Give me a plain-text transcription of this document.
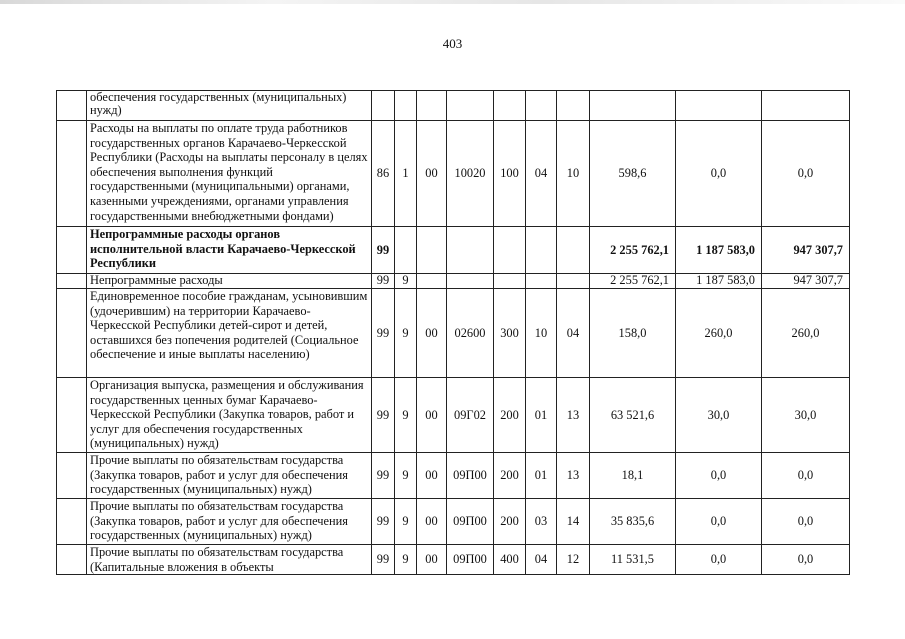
403
	обеспечения государственных (муниципальных) нужд)										
	Расходы на выплаты по оплате труда работников государственных органов Карачаево-Черкесской Республики (Расходы на выплаты персоналу в целях обеспечения выполнения функций государственными (муниципальными) органами, казенными учреждениями, органами управления государственными внебюджетными фондами)	86	1	00	10020	100	04	10	598,6	0,0	0,0
	Непрограммные расходы органов исполнительной власти Карачаево-Черкесской Республики	99							2 255 762,1	1 187 583,0	947 307,7
	Непрограммные расходы	99	9						2 255 762,1	1 187 583,0	947 307,7
	Единовременное пособие гражданам, усыновившим (удочерившим) на территории Карачаево-Черкесской Республики детей-сирот и детей, оставшихся без попечения родителей (Социальное обеспечение и иные выплаты населению)	99	9	00	02600	300	10	04	158,0	260,0	260,0
	Организация выпуска, размещения и обслуживания государственных ценных бумаг Карачаево-Черкесской Республики (Закупка товаров, работ и услуг для обеспечения государственных (муниципальных) нужд)	99	9	00	09Г02	200	01	13	63 521,6	30,0	30,0
	Прочие выплаты по обязательствам государства (Закупка товаров, работ и услуг для обеспечения государственных (муниципальных) нужд)	99	9	00	09П00	200	01	13	18,1	0,0	0,0
	Прочие выплаты по обязательствам государства (Закупка товаров, работ и услуг для обеспечения государственных (муниципальных) нужд)	99	9	00	09П00	200	03	14	35 835,6	0,0	0,0
	Прочие выплаты по обязательствам государства (Капитальные вложения в объекты	99	9	00	09П00	400	04	12	11 531,5	0,0	0,0
